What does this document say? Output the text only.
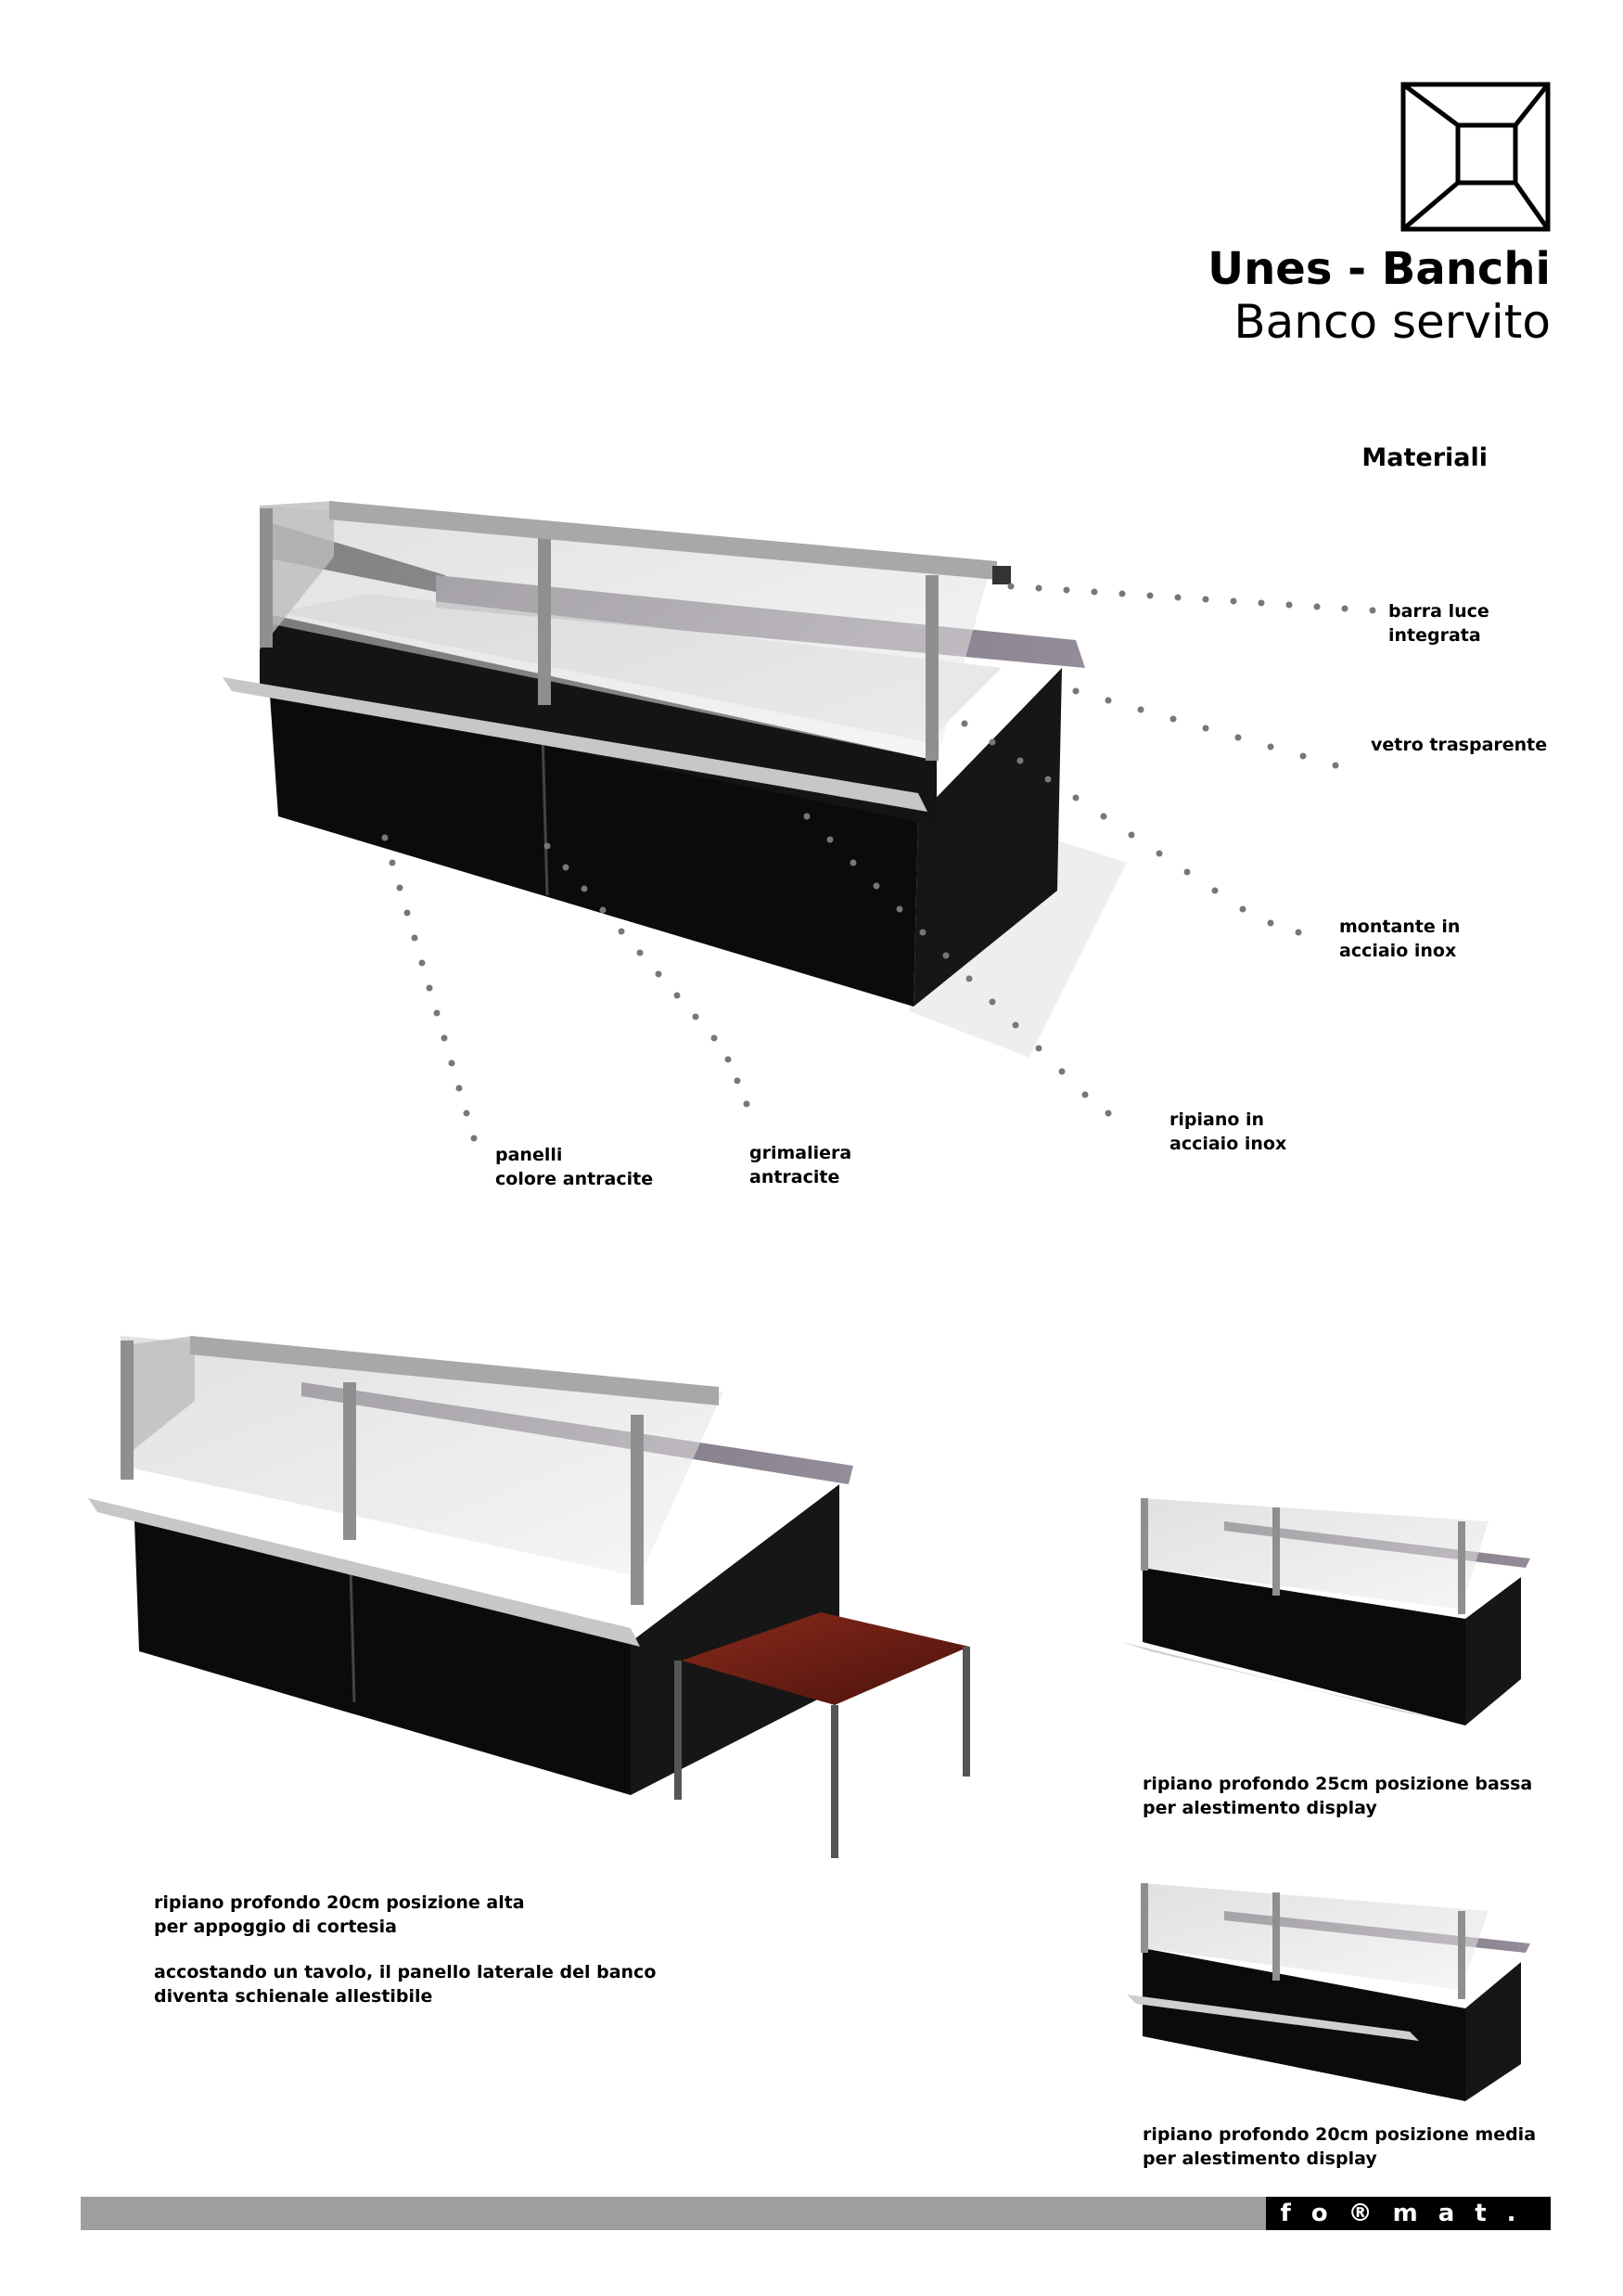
Unes - Banchi
Banco servito
Materiali
barra luce
integrata
vetro trasparente
montante in
acciaio inox
ripiano in
acciaio inox
panelli
colore antracite
grimaliera
antracite
ripiano profondo 20cm posizione alta
per appoggio di cortesia
accostando un tavolo, il panello laterale del banco
diventa schienale allestibile
ripiano profondo 25cm posizione bassa
per alestimento display
ripiano profondo 20cm posizione media
per alestimento display
fo®mat.
